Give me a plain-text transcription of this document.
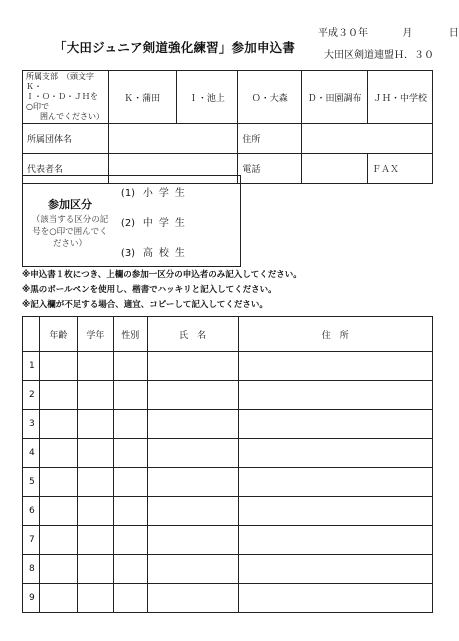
「大田ジュニア剣道強化練習」参加申込書
平成３０年	月	日
大田区剣道連盟Ｈ．３０
所属支部　（頭文字Ｋ・
Ｉ・Ｏ・Ｄ・ＪＨを○印で

囲んでください）	Ｋ・蒲田	Ｉ・池上	Ｏ・大森	Ｄ・田園調布	ＪＨ・中学校
所属団体名			住所		
代表者名			電話		ＦＡＸ
参加区分
（該当する区分の記号を○印で囲んでください）
	(1) 小学生
(2) 中学生
(3) 高校生
※申込書１枚につき、上欄の参加一区分の申込者のみ記入してください。
※黒のボールペンを使用し、楷書でハッキリと記入してください。
※記入欄が不足する場合、適宜、コピーして記入してください。
	年齢	学年	性別	氏　名	住　所
1					
2					
3					
4					
5					
6					
7					
8					
9					
